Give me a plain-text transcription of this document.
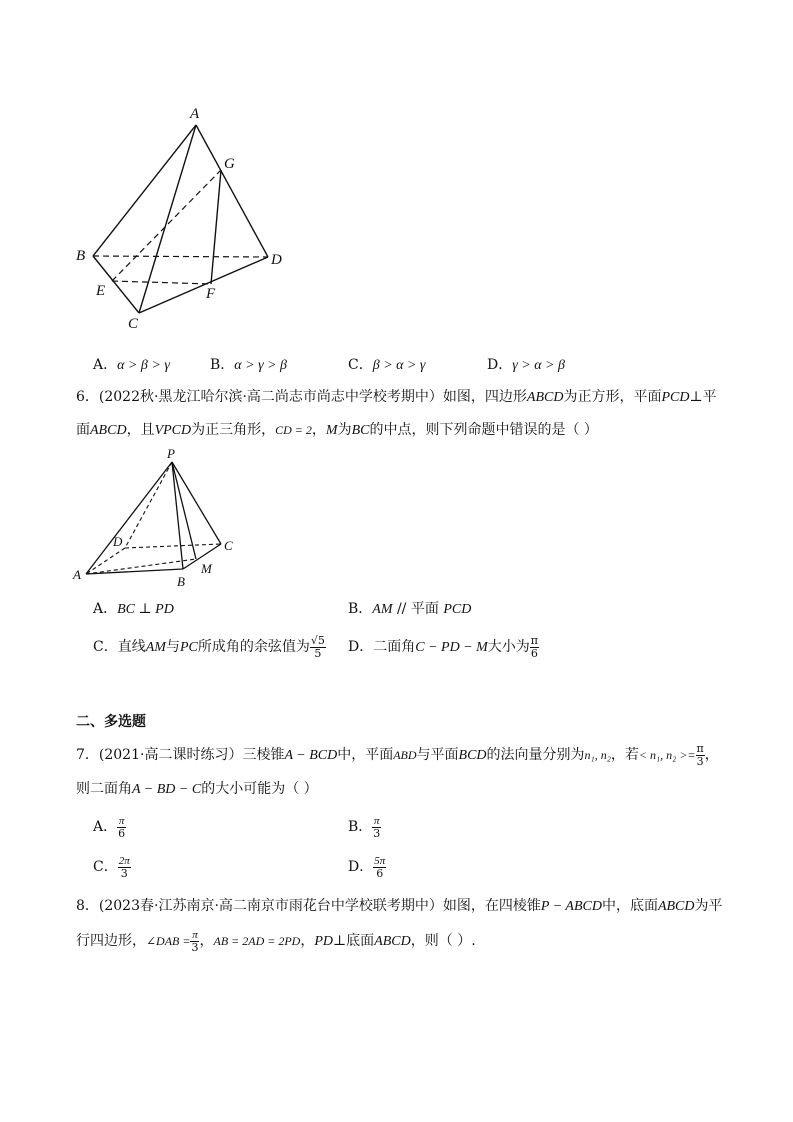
A
G
B	D
E	F
C
A．α > β > γ	B．α > γ > β	C．β > α > γ	D．γ > α > β
6．(2022秋·黑龙江哈尔滨·高二尚志市尚志中学校考期中）如图，四边形ABCD为正方形，平面PCD⊥平
面ABCD，且VPCD为正三角形，CD = 2，M为BC的中点，则下列命题中错误的是（ ）
P
D	C
A	M
B
A．BC ⊥ PD	B．AM // 平面 PCD
C．直线AM与PC所成角的余弦值为 $\frac{√5}{5}$ D．二面角C − PD − M大小为 $\frac{\pi}{6}$
二、多选题
7．(2021·高二课时练习）三棱锥A − BCD中，平面ABD与平面BCD的法向量分别为n₁, n₂，若< n₁, $n_2 >= \frac{\pi}{3}$ ，
则二面角A − BD − C的大小可能为（ ）
A． $\frac{\pi}{6}$	B． $\frac{\pi}{3}$
C． $\frac{2\pi}{3}$	D． $\frac{5\pi}{6}$
8．(2023春·江苏南京·高二南京市雨花台中学校联考期中）如图，在四棱锥P − ABCD中，底面ABCD为平
行四边形，∠DAB = $\frac{\pi}{3}$ ，AB = 2AD = 2PD，PD⊥底面ABCD，则（ ）.
